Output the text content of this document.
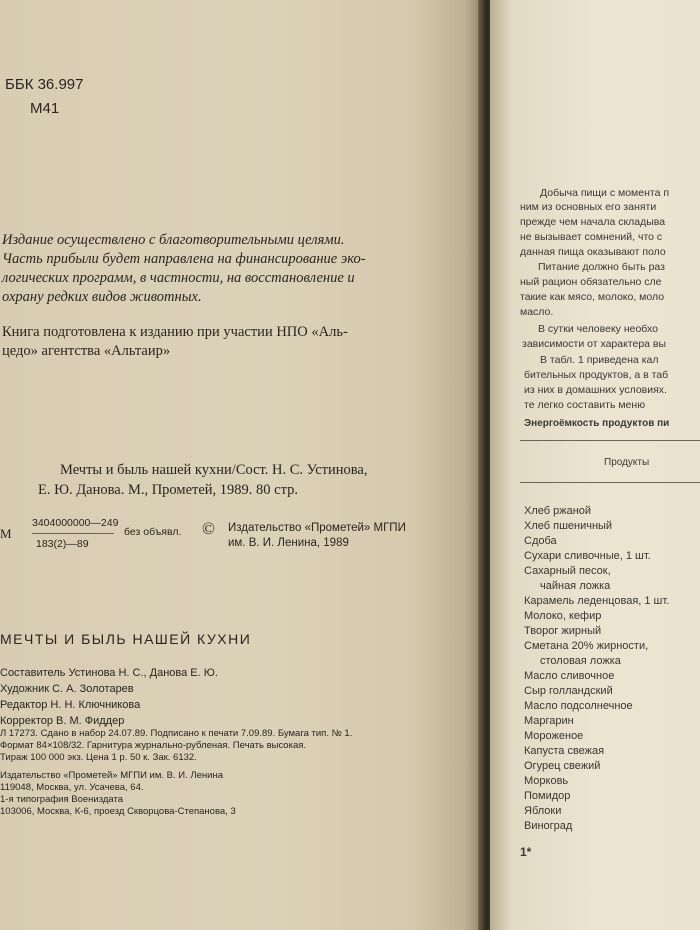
ББК 36.997

М41

Издание осуществлено с благотворительными целями.

Часть прибыли будет направлена на финансирование эко-

логических программ, в частности, на восстановление и

охрану редких видов животных.

Книга подготовлена к изданию при участии НПО «Аль-

цедо» агентства «Альтаир»

Мечты и быль нашей кухни/Сост. Н. С. Устинова,

Е. Ю. Данова. М., Прометей, 1989. 80 стр.

М

3404000000—249

183(2)—89

без объявл. © Издательство «Прометей» МГПИ

им. В. И. Ленина, 1989

МЕЧТЫ И БЫЛЬ НАШЕЙ КУХНИ

Составитель Устинова Н. С., Данова Е. Ю.

Художник С. А. Золотарев

Редактор Н. Н. Ключникова

Корректор В. М. Фиддер

Л 17273. Сдано в набор 24.07.89. Подписано к печати 7.09.89. Бумага тип. № 1.

Формат 84×108/32. Гарнитура журнально-рубленая. Печать высокая.

Тираж 100 000 экз. Цена 1 р. 50 к. Зак. 6132.

Издательство «Прометей» МГПИ им. В. И. Ленина

119048, Москва, ул. Усачева, 64.

1-я типография Воениздата

103006, Москва, К-6, проезд Скворцова-Степанова, 3

Добыча пищи с момента п

ним из основных его заняти

прежде чем начала складыва

не вызывает сомнений, что с

данная пища оказывают поло

Питание должно быть раз

ный рацион обязательно сле

такие как мясо, молоко, моло

масло.

В сутки человеку необхо

зависимости от характера вы

В табл. 1 приведена кал

бительных продуктов, а в таб

из них в домашних условиях.

те легко составить меню

Энергоёмкость продуктов пи

Продукты

Хлеб ржаной

Хлеб пшеничный

Сдоба

Сухари сливочные, 1 шт.

Сахарный песок,

чайная ложка

Карамель леденцовая, 1 шт.

Молоко, кефир

Творог жирный

Сметана 20% жирности,

столовая ложка

Масло сливочное

Сыр голландский

Масло подсолнечное

Маргарин

Мороженое

Капуста свежая

Огурец свежий

Морковь

Помидор

Яблоки

Виноград

1*
